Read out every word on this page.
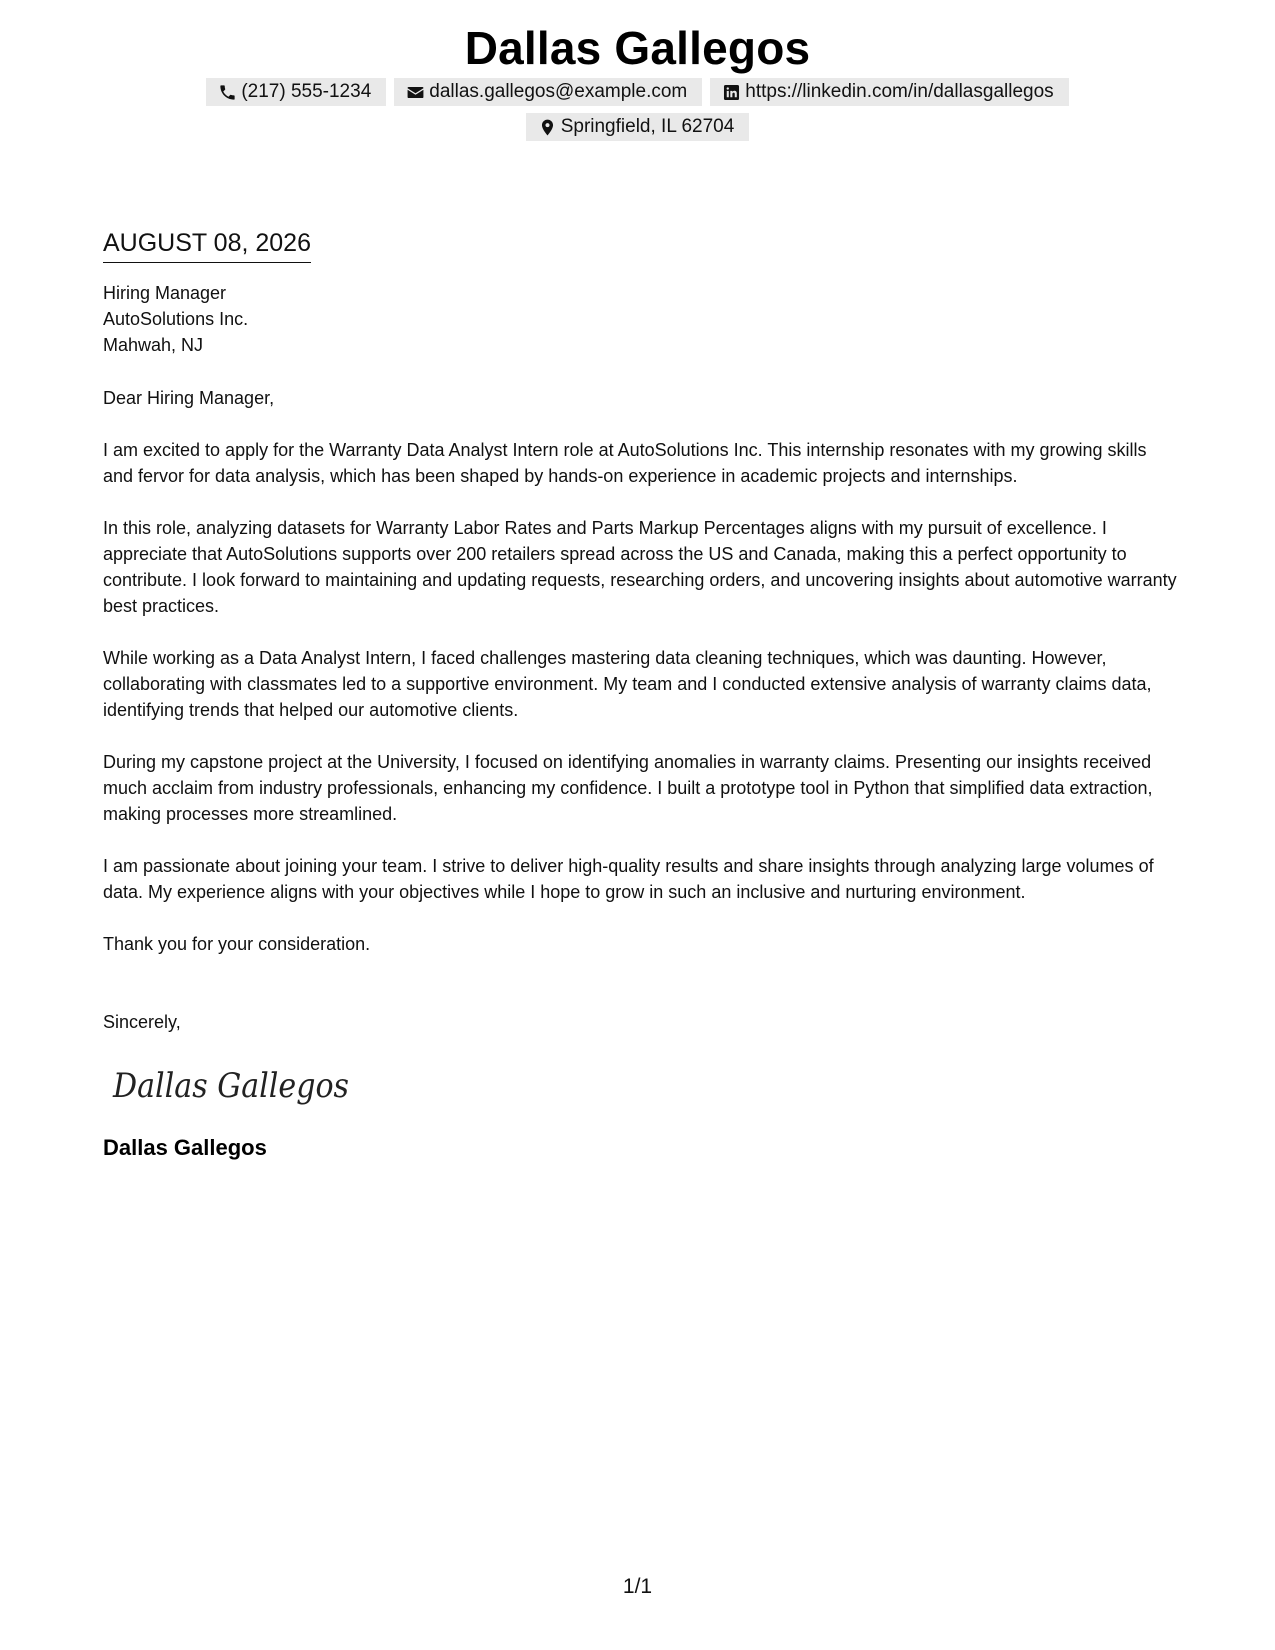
Dallas Gallegos
(217) 555-1234	dallas.gallegos@example.com	https://linkedin.com/in/dallasgallegos
Springfield, IL 62704
AUGUST 08, 2026
Hiring Manager
AutoSolutions Inc.
Mahwah, NJ
Dear Hiring Manager,

I am excited to apply for the Warranty Data Analyst Intern role at AutoSolutions Inc. This internship resonates with my growing skills and fervor for data analysis, which has been shaped by hands-on experience in academic projects and internships.

In this role, analyzing datasets for Warranty Labor Rates and Parts Markup Percentages aligns with my pursuit of excellence. I appreciate that AutoSolutions supports over 200 retailers spread across the US and Canada, making this a perfect opportunity to contribute. I look forward to maintaining and updating requests, researching orders, and uncovering insights about automotive warranty best practices.

While working as a Data Analyst Intern, I faced challenges mastering data cleaning techniques, which was daunting. However, collaborating with classmates led to a supportive environment. My team and I conducted extensive analysis of warranty claims data, identifying trends that helped our automotive clients.

During my capstone project at the University, I focused on identifying anomalies in warranty claims. Presenting our insights received much acclaim from industry professionals, enhancing my confidence. I built a prototype tool in Python that simplified data extraction, making processes more streamlined.

I am passionate about joining your team. I strive to deliver high-quality results and share insights through analyzing large volumes of data. My experience aligns with your objectives while I hope to grow in such an inclusive and nurturing environment.

Thank you for your consideration.
Sincerely,
Dallas Gallegos
Dallas Gallegos
1/1
